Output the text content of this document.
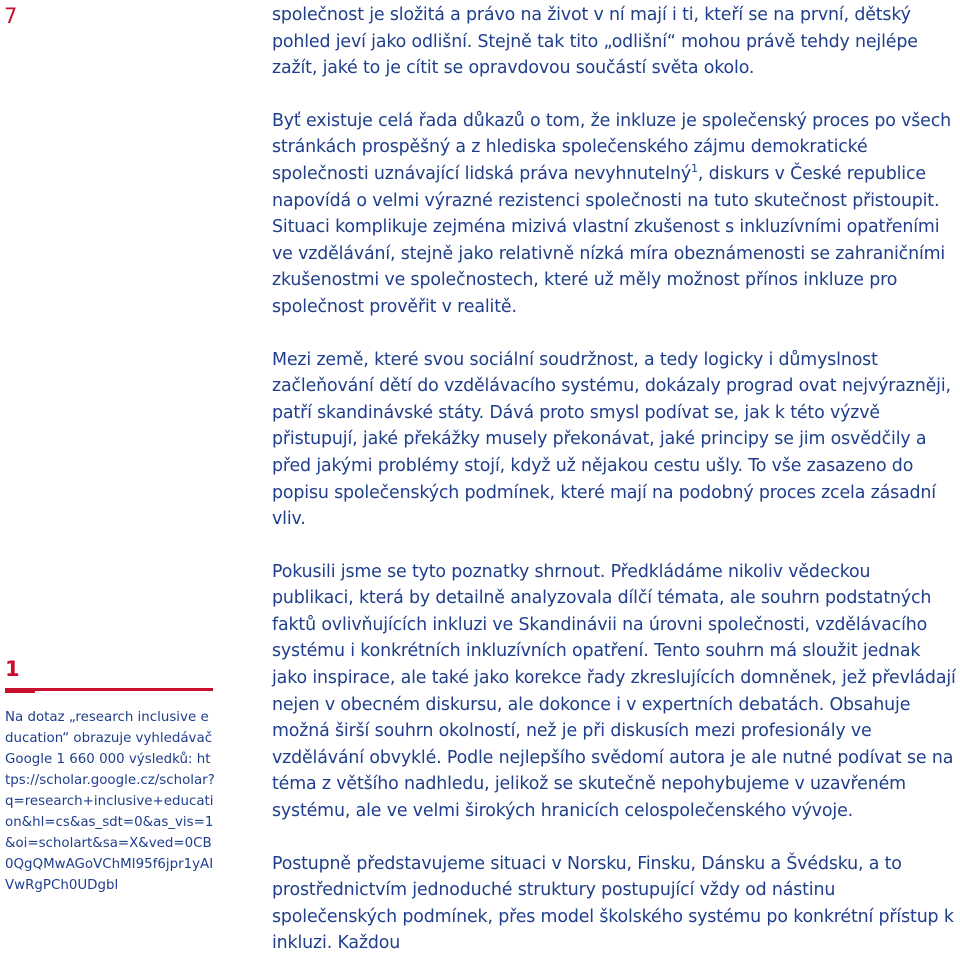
7	společnost je složitá a právo na život v ní mají i ti, kteří se na první, dětský pohled jeví jako odlišní. Stejně tak tito „odlišní“ mohou právě tehdy nejlépe zažít, jaké to je cítit se opravdovou součástí světa okolo.

Byť existuje celá řada důkazů o tom, že inkluze je společenský proces po všech stránkách prospěšný a z hlediska společenského zájmu demokratické společnosti uznávající lidská práva nevyhnutelný$^1$, diskurs v České republice napovídá o velmi výrazné rezistenci společnosti na tuto skutečnost přistoupit. Situaci komplikuje zejména mizivá vlastní zkušenost s inkluzívními opatřeními ve vzdělávání, stejně jako relativně nízká míra obeznámenosti se zahraničními zkušenostmi ve společnostech, které už měly možnost přínos inkluze pro společnost prověřit v realitě.

Mezi země, které svou sociální soudržnost, a tedy logicky i důmyslnost začleňování dětí do vzdělávacího systému, dokázaly prograd ovat nejvýrazněji, patří skandinávské státy. Dává proto smysl podívat se, jak k této výzvě přistupují, jaké překážky musely překonávat, jaké principy se jim osvědčily a před jakými problémy stojí, když už nějakou cestu ušly. To vše zasazeno do popisu společenských podmínek, které mají na podobný proces zcela zásadní vliv.

Pokusili jsme se tyto poznatky shrnout. Předkládáme nikoliv vědeckou publikaci, která by detailně analyzovala dílčí témata, ale souhrn podstatných faktů ovlivňujících inkluzi ve Skandinávii na úrovni společnosti, vzdělávacího systému i konkrétních inkluzívních opatření. Tento souhrn má sloužit jednak jako inspirace, ale také jako korekce řady zkreslujících domněnek, jež převládají nejen v obecném diskursu, ale dokonce i v expertních debatách. Obsahuje možná širší souhrn okolností, než je při diskusích mezi profesionály ve vzdělávání obvyklé. Podle nejlepšího svědomí autora je ale nutné podívat se na téma z většího nadhledu, jelikož se skutečně nepohybujeme v uzavřeném systému, ale ve velmi širokých hranicích celospolečenského vývoje.

Postupně představujeme situaci v Norsku, Finsku, Dánsku a Švédsku, a to prostřednictvím jednoduché struktury postupující vždy od nástinu společenských podmínek, přes model školského systému po konkrétní přístup k inkluzi. Každou

1
Na dotaz „research inclusive education“ obrazuje vyhledávač Google 1 660 000 výsledků: https://scholar.google.cz/scholar?q=research+inclusive+education&hl=cs&as_sdt=0&as_vis=1&oi=scholart&sa=X&ved=0CB0QgQMwAGoVChMI95f6jpr1yAIVwRgPCh0UDgbl
